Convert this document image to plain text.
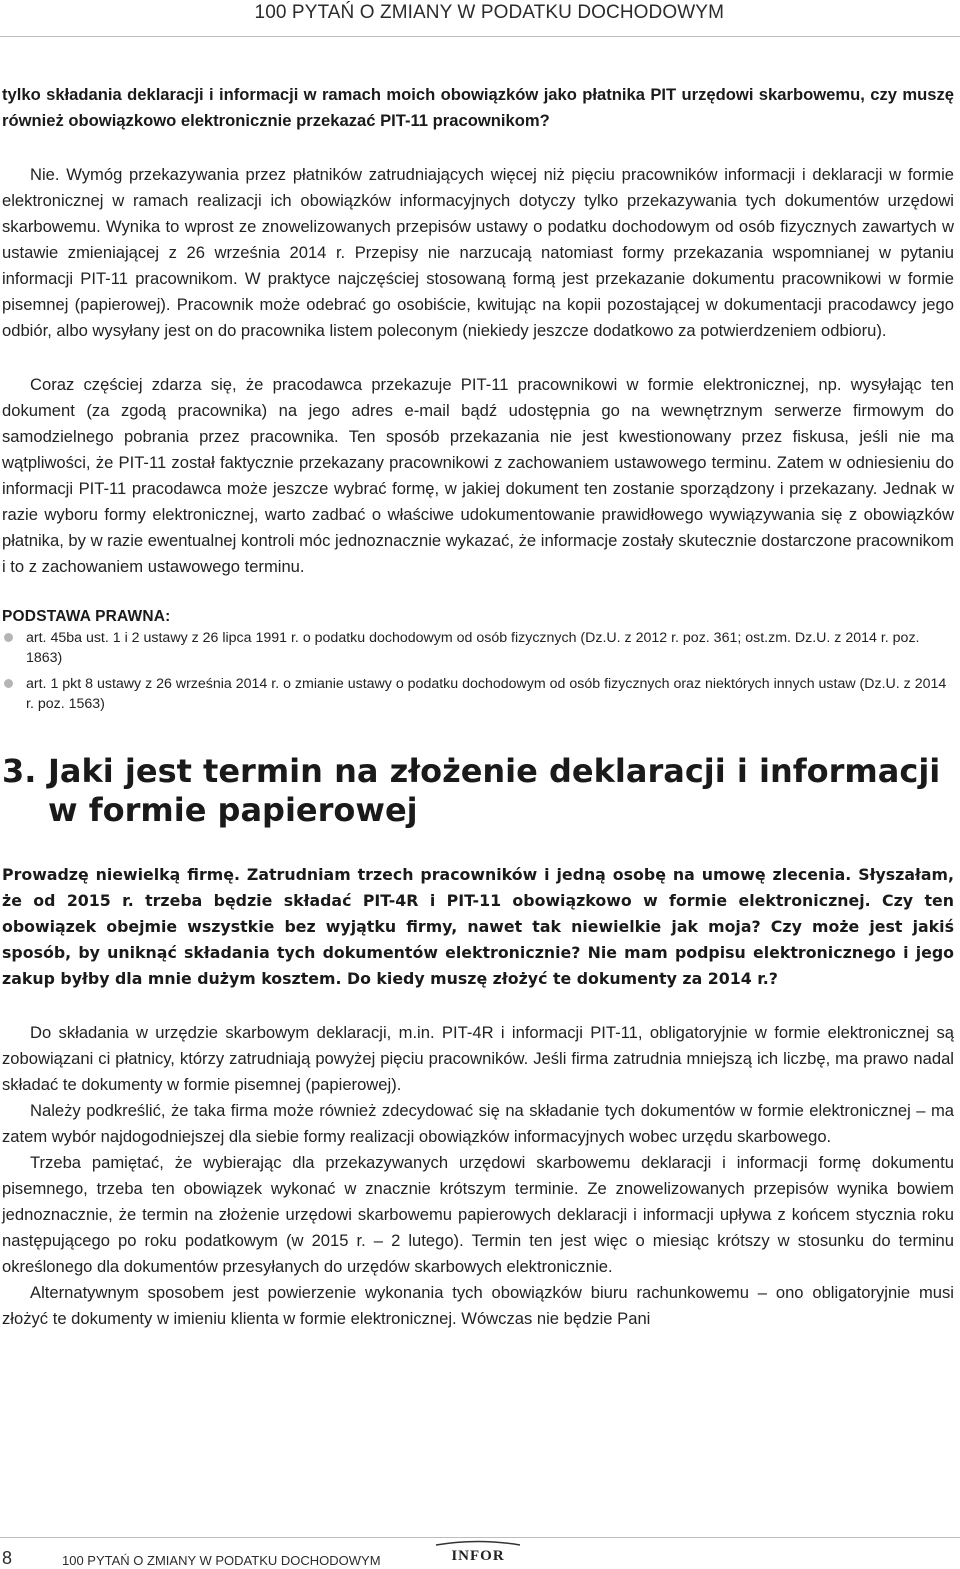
100 PYTAŃ O ZMIANY W PODATKU DOCHODOWYM

tylko składania deklaracji i informacji w ramach moich obowiązków jako płatnika PIT urzędowi skarbowemu, czy muszę również obowiązkowo elektronicznie przekazać PIT-11 pracownikom?

Nie. Wymóg przekazywania przez płatników zatrudniających więcej niż pięciu pracowników informacji i deklaracji w formie elektronicznej w ramach realizacji ich obowiązków informacyjnych dotyczy tylko przekazywania tych dokumentów urzędowi skarbowemu. Wynika to wprost ze znowelizowanych przepisów ustawy o podatku dochodowym od osób fizycznych zawartych w ustawie zmieniającej z 26 września 2014 r. Przepisy nie narzucają natomiast formy przekazania wspomnianej w pytaniu informacji PIT-11 pracownikom. W praktyce najczęściej stosowaną formą jest przekazanie dokumentu pracownikowi w formie pisemnej (papierowej). Pracownik może odebrać go osobiście, kwitując na kopii pozostającej w dokumentacji pracodawcy jego odbiór, albo wysyłany jest on do pracownika listem poleconym (niekiedy jeszcze dodatkowo za potwierdzeniem odbioru).

Coraz częściej zdarza się, że pracodawca przekazuje PIT-11 pracownikowi w formie elektronicznej, np. wysyłając ten dokument (za zgodą pracownika) na jego adres e-mail bądź udostępnia go na wewnętrznym serwerze firmowym do samodzielnego pobrania przez pracownika. Ten sposób przekazania nie jest kwestionowany przez fiskusa, jeśli nie ma wątpliwości, że PIT-11 został faktycznie przekazany pracownikowi z zachowaniem ustawowego terminu. Zatem w odniesieniu do informacji PIT-11 pracodawca może jeszcze wybrać formę, w jakiej dokument ten zostanie sporządzony i przekazany. Jednak w razie wyboru formy elektronicznej, warto zadbać o właściwe udokumentowanie prawidłowego wywiązywania się z obowiązków płatnika, by w razie ewentualnej kontroli móc jednoznacznie wykazać, że informacje zostały skutecznie dostarczone pracownikom i to z zachowaniem ustawowego terminu.

PODSTAWA PRAWNA:

art. 45ba ust. 1 i 2 ustawy z 26 lipca 1991 r. o podatku dochodowym od osób fizycznych (Dz.U. z 2012 r. poz. 361; ost.zm. Dz.U. z 2014 r. poz. 1863)
art. 1 pkt 8 ustawy z 26 września 2014 r. o zmianie ustawy o podatku dochodowym od osób fizycznych oraz niektórych innych ustaw (Dz.U. z 2014 r. poz. 1563)
3. Jaki jest termin na złożenie deklaracji i informacji
w formie papierowej

Prowadzę niewielką firmę. Zatrudniam trzech pracowników i jedną osobę na umowę zlecenia. Słyszałam, że od 2015 r. trzeba będzie składać PIT-4R i PIT-11 obowiązkowo w formie elektronicznej. Czy ten obowiązek obejmie wszystkie bez wyjątku firmy, nawet tak niewielkie jak moja? Czy może jest jakiś sposób, by uniknąć składania tych dokumentów elektronicznie? Nie mam podpisu elektronicznego i jego zakup byłby dla mnie dużym kosztem. Do kiedy muszę złożyć te dokumenty za 2014 r.?

Do składania w urzędzie skarbowym deklaracji, m.in. PIT-4R i informacji PIT-11, obligatoryjnie w formie elektronicznej są zobowiązani ci płatnicy, którzy zatrudniają powyżej pięciu pracowników. Jeśli firma zatrudnia mniejszą ich liczbę, ma prawo nadal składać te dokumenty w formie pisemnej (papierowej).

Należy podkreślić, że taka firma może również zdecydować się na składanie tych dokumentów w formie elektronicznej – ma zatem wybór najdogodniejszej dla siebie formy realizacji obowiązków informacyjnych wobec urzędu skarbowego.

Trzeba pamiętać, że wybierając dla przekazywanych urzędowi skarbowemu deklaracji i informacji formę dokumentu pisemnego, trzeba ten obowiązek wykonać w znacznie krótszym terminie. Ze znowelizowanych przepisów wynika bowiem jednoznacznie, że termin na złożenie urzędowi skarbowemu papierowych deklaracji i informacji upływa z końcem stycznia roku następującego po roku podatkowym (w 2015 r. – 2 lutego). Termin ten jest więc o miesiąc krótszy w stosunku do terminu określonego dla dokumentów przesyłanych do urzędów skarbowych elektronicznie.

Alternatywnym sposobem jest powierzenie wykonania tych obowiązków biuru rachunkowemu – ono obligatoryjnie musi złożyć te dokumenty w imieniu klienta w formie elektronicznej. Wówczas nie będzie Pani

8	100 PYTAŃ O ZMIANY W PODATKU DOCHODOWYM	INFOR
